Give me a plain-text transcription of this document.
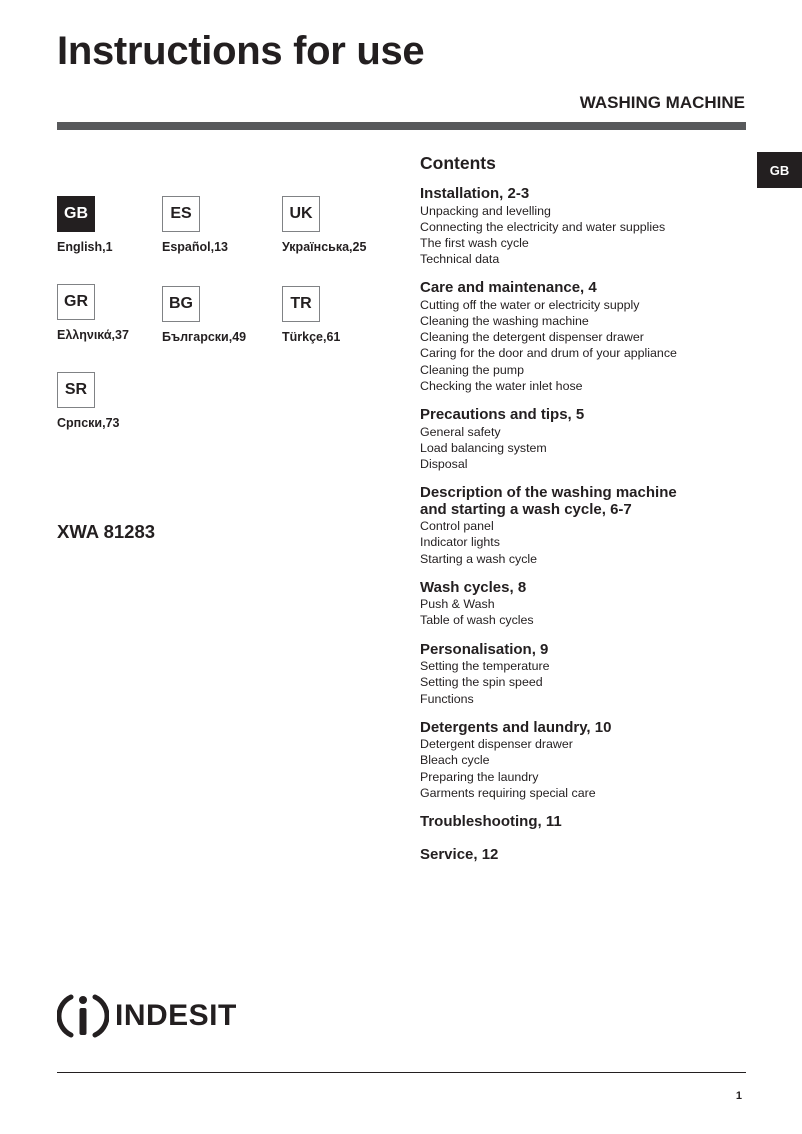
Instructions for use
WASHING MACHINE
GB
GB
English,1
ES
Español,13
UK
Українська,25
GR
Ελληνικά,37
BG
Български,49
TR
Türkçe,61
SR
Српски,73
XWA 81283
Contents
Installation, 2-3
Unpacking and levelling
Connecting the electricity and water supplies
The first wash cycle
Technical data
Care and maintenance, 4
Cutting off the water or electricity supply
Cleaning the washing machine
Cleaning the detergent dispenser drawer
Caring for the door and drum of your appliance
Cleaning the pump
Checking the water inlet hose
Precautions and tips, 5
General safety
Load balancing system
Disposal
Description of the washing machine
and starting a wash cycle, 6-7
Control panel
Indicator lights
Starting a wash cycle
Wash cycles, 8
Push & Wash
Table of wash cycles
Personalisation, 9
Setting the temperature
Setting the spin speed
Functions
Detergents and laundry, 10
Detergent dispenser drawer
Bleach cycle
Preparing the laundry
Garments requiring special care
Troubleshooting, 11
Service, 12
INDESIT
1
